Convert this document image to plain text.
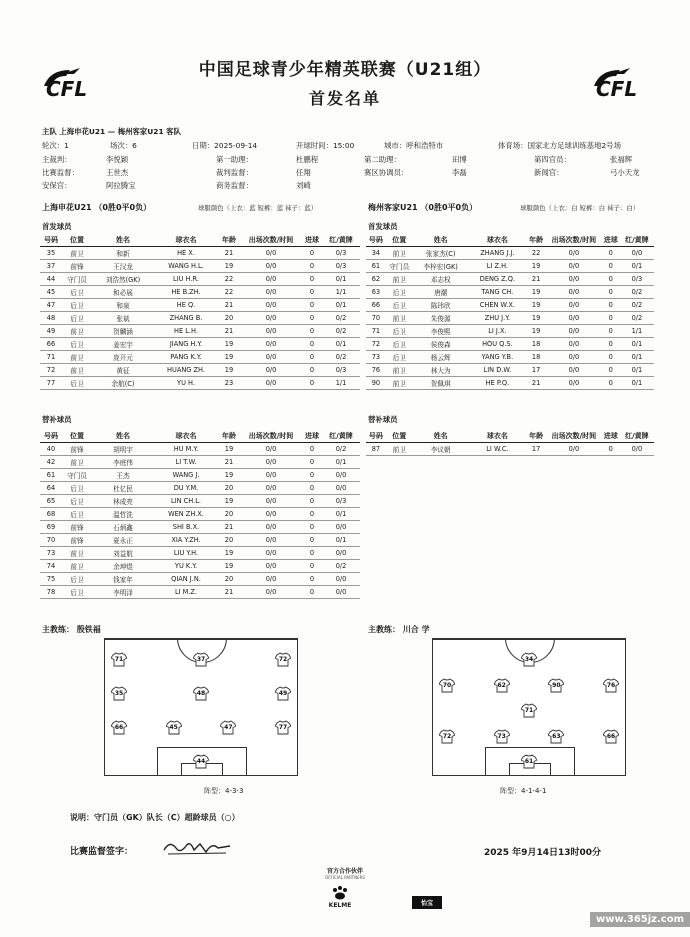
CFL	CFL
中国足球青少年精英联赛（U21组）
首发名单
主队 上海申花U21 — 梅州客家U21 客队
轮次：1	场次：6	日期：2025-09-14	开球时间：15:00	城市：呼和浩特市	体育场：国家北方足球训练基地2号场
主裁判：	李悦颖	第一助理：	杜鹏程	第二助理：	田博	第四官员：	张福辉
比赛监督：	王世杰	裁判监督：	任翔	赛区协调员：	李磊	新闻官：	弓小天龙
安保官：	阿拉腾宝	商务监督：	刘崎
上海申花U21 （0胜0平0负）	球服颜色（上衣：蓝 短裤：蓝 袜子：蓝）	梅州客家U21 （0胜0平0负）	球服颜色（上衣：白 短裤：白 袜子：白）
首发球员	首发球员
号码	位置	姓名	球衣名	年龄	出场次数/时间	进球	红/黄牌
35	前卫	和新	HE X.	21	0/0	0	0/3
37	前锋	王汉龙	WANG H.L.	19	0/0	0	0/3
44	守门员	刘浩然(GK)	LIU H.R.	22	0/0	0	0/1
45	后卫	和必展	HE B.ZH.	22	0/0	0	1/1
47	后卫	和泉	HE Q.	21	0/0	0	0/1
48	后卫	张斌	ZHANG B.	20	0/0	0	0/2
49	前卫	贺麟涵	HE L.H.	21	0/0	0	0/2
66	后卫	姜宏宇	JIANG H.Y.	19	0/0	0	0/1
71	前卫	庞开元	PANG K.Y.	19	0/0	0	0/2
72	前卫	黄征	HUANG ZH.	19	0/0	0	0/3
77	后卫	余航(C)	YU H.	23	0/0	0	1/1
号码	位置	姓名	球衣名	年龄	出场次数/时间	进球	红/黄牌
34	前卫	张家杰(C)	ZHANG J.J.	22	0/0	0	0/0
61	守门员	李梓宏(GK)	LI Z.H.	19	0/0	0	0/1
62	前卫	邓志权	DENG Z.Q.	21	0/0	0	0/3
63	后卫	唐潮	TANG CH.	19	0/0	0	0/2
66	后卫	陈玮欣	CHEN W.X.	19	0/0	0	0/2
70	前卫	朱俊源	ZHU J.Y.	19	0/0	0	0/2
71	后卫	李俊熙	LI J.X.	19	0/0	0	1/1
72	后卫	侯俊森	HOU Q.S.	18	0/0	0	0/1
73	后卫	杨云辉	YANG Y.B.	18	0/0	0	0/1
76	前卫	林大为	LIN D.W.	17	0/0	0	0/1
90	前卫	贺佩琪	HE P.Q.	21	0/0	0	0/1
替补球员	替补球员
号码	位置	姓名	球衣名	年龄	出场次数/时间	进球	红/黄牌
40	前锋	胡明宇	HU M.Y.	19	0/0	0	0/2
42	前卫	李庭伟	LI T.W.	21	0/0	0	0/1
61	守门员	王杰	WANG J.	19	0/0	0	0/0
64	后卫	杜亿民	DU Y.M.	20	0/0	0	0/0
65	后卫	林成亮	LIN CH.L.	19	0/0	0	0/3
68	后卫	温哲洗	WEN ZH.X.	20	0/0	0	0/1
69	前锋	石炳鑫	SHI B.X.	21	0/0	0	0/0
70	前锋	夏永正	XIA Y.ZH.	20	0/0	0	0/1
73	前卫	刘益航	LIU Y.H.	19	0/0	0	0/0
74	前卫	余坤煜	YU K.Y.	19	0/0	0	0/2
75	后卫	钱家年	QIAN J.N.	20	0/0	0	0/0
78	后卫	李明泽	LI M.Z.	21	0/0	0	0/0
号码	位置	姓名	球衣名	年龄	出场次数/时间	进球	红/黄牌
87	前卫	李议朝	LI W.C.	17	0/0	0	0/0
主教练： 殷铁福	主教练： 川合 学
71	37	72
35	48	49
66	45	47	77
44
阵型：4-3-3
34
70	62	90	76
71
72	73	63	66
61
阵型：4-1-4-1
说明：守门员（GK）队长（C）超龄球员（○）
比赛监督签字：	2025 年9月14日13时00分
官方合作伙伴
OFFICIAL PARTNERS
KELME	怡宝
www.365jz.com
